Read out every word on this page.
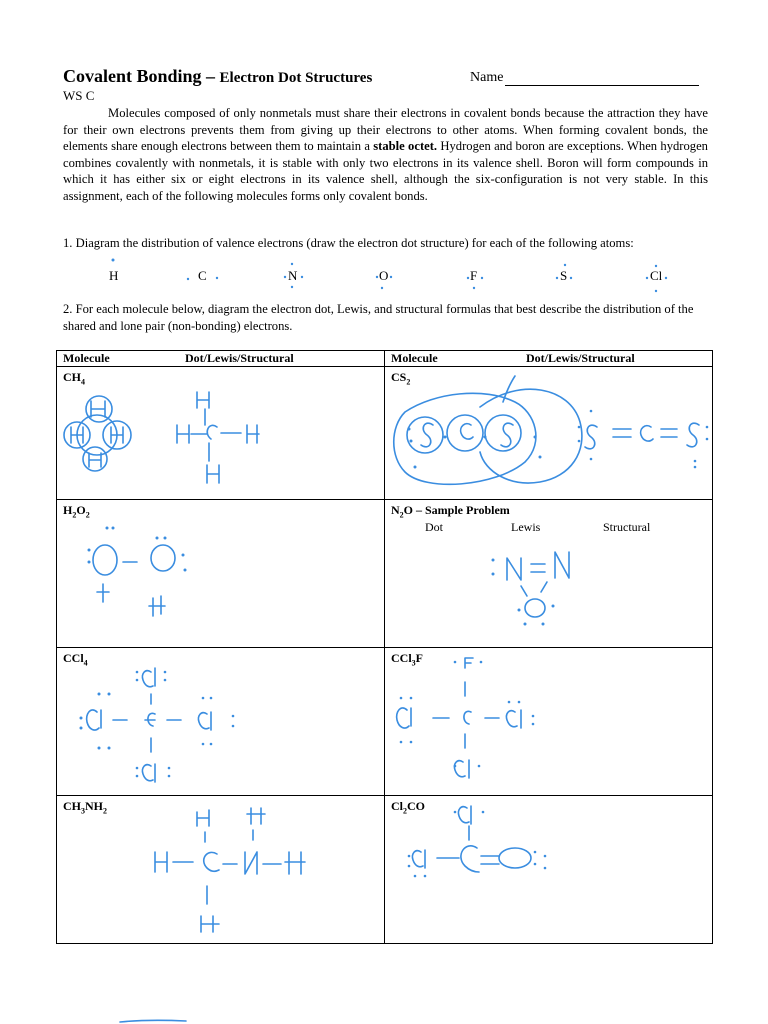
Covalent Bonding – Electron Dot Structures	Name
WS C

Molecules composed of only nonmetals must share their electrons in covalent bonds because the attraction they have for their own electrons prevents them from giving up their electrons to other atoms. When forming covalent bonds, the elements share enough electrons between them to maintain a stable octet. Hydrogen and boron are exceptions. When hydrogen combines covalently with nonmetals, it is stable with only two electrons in its valence shell. Boron will form compounds in which it has either six or eight electrons in its valence shell, although the six-configuration is not very stable. In this assignment, each of the following molecules forms only covalent bonds.

1. Diagram the distribution of valence electrons (draw the electron dot structure) for each of the following atoms:
H	C	N	O	F	S	Cl
2. For each molecule below, diagram the electron dot, Lewis, and structural formulas that best describe the distribution of the shared and lone pair (non-bonding) electrons.
Molecule Dot/Lewis/Structural	Molecule Dot/Lewis/Structural

$CH_4$	$CS_2$

$H_2O_2$	$N_2O$ – Sample Problem
Dot Lewis Structural

CCl$_4$	CCl$_3$F

$CH_3NH_2$	$Cl_2CO$
